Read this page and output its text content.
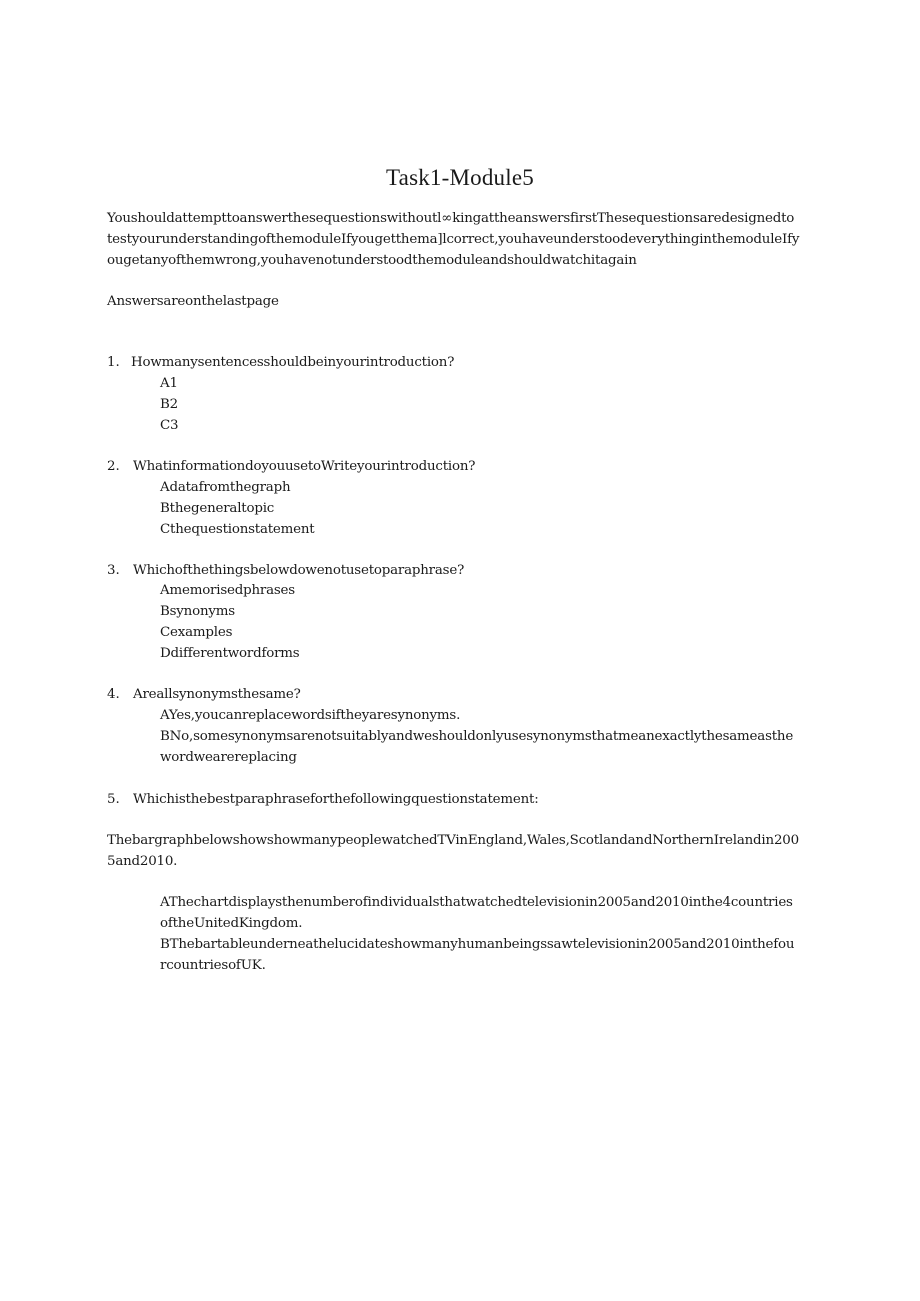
Task1-Module5
Youshouldattempttoanswerthesequestionswithoutl∞kingattheanswersfirstThesequestionsaredesignedto
testyourunderstandingofthemoduleIfyougetthema]lcorrect,youhaveunderstoodeverythinginthemoduleIfy
ougetanyofthemwrong,youhavenotunderstoodthemoduleandshouldwatchitagain
Answersareonthelastpage
1. Howmanysentencesshouldbeinyourintroduction?
A1
B2
C3
2. WhatinformationdoyouusetoWriteyourintroduction?
Adatafromthegraph
Bthegeneraltopic
Cthequestionstatement
3. Whichofthethingsbelowdowenotusetoparaphrase?
Amemorisedphrases
Bsynonyms
Cexamples
Ddifferentwordforms
4. Areallsynonymsthesame?
AYes,youcanreplacewordsiftheyaresynonyms.
BNo,somesynonymsarenotsuitablyandweshouldonlyusesynonymsthatmeanexactlythesameasthe
wordwearereplacing
5. Whichisthebestparaphraseforthefollowingquestionstatement:
ThebargraphbelowshowshowmanypeoplewatchedTVinEngland,Wales,ScotlandandNorthernIrelandin200
5and2010.
AThechartdisplaysthenumberofindividualsthatwatchedtelevisionin2005and2010inthe4countries
oftheUnitedKingdom.
BThebartableunderneathelucidateshowmanyhumanbeingssawtelevisionin2005and2010inthefou
rcountriesofUK.
